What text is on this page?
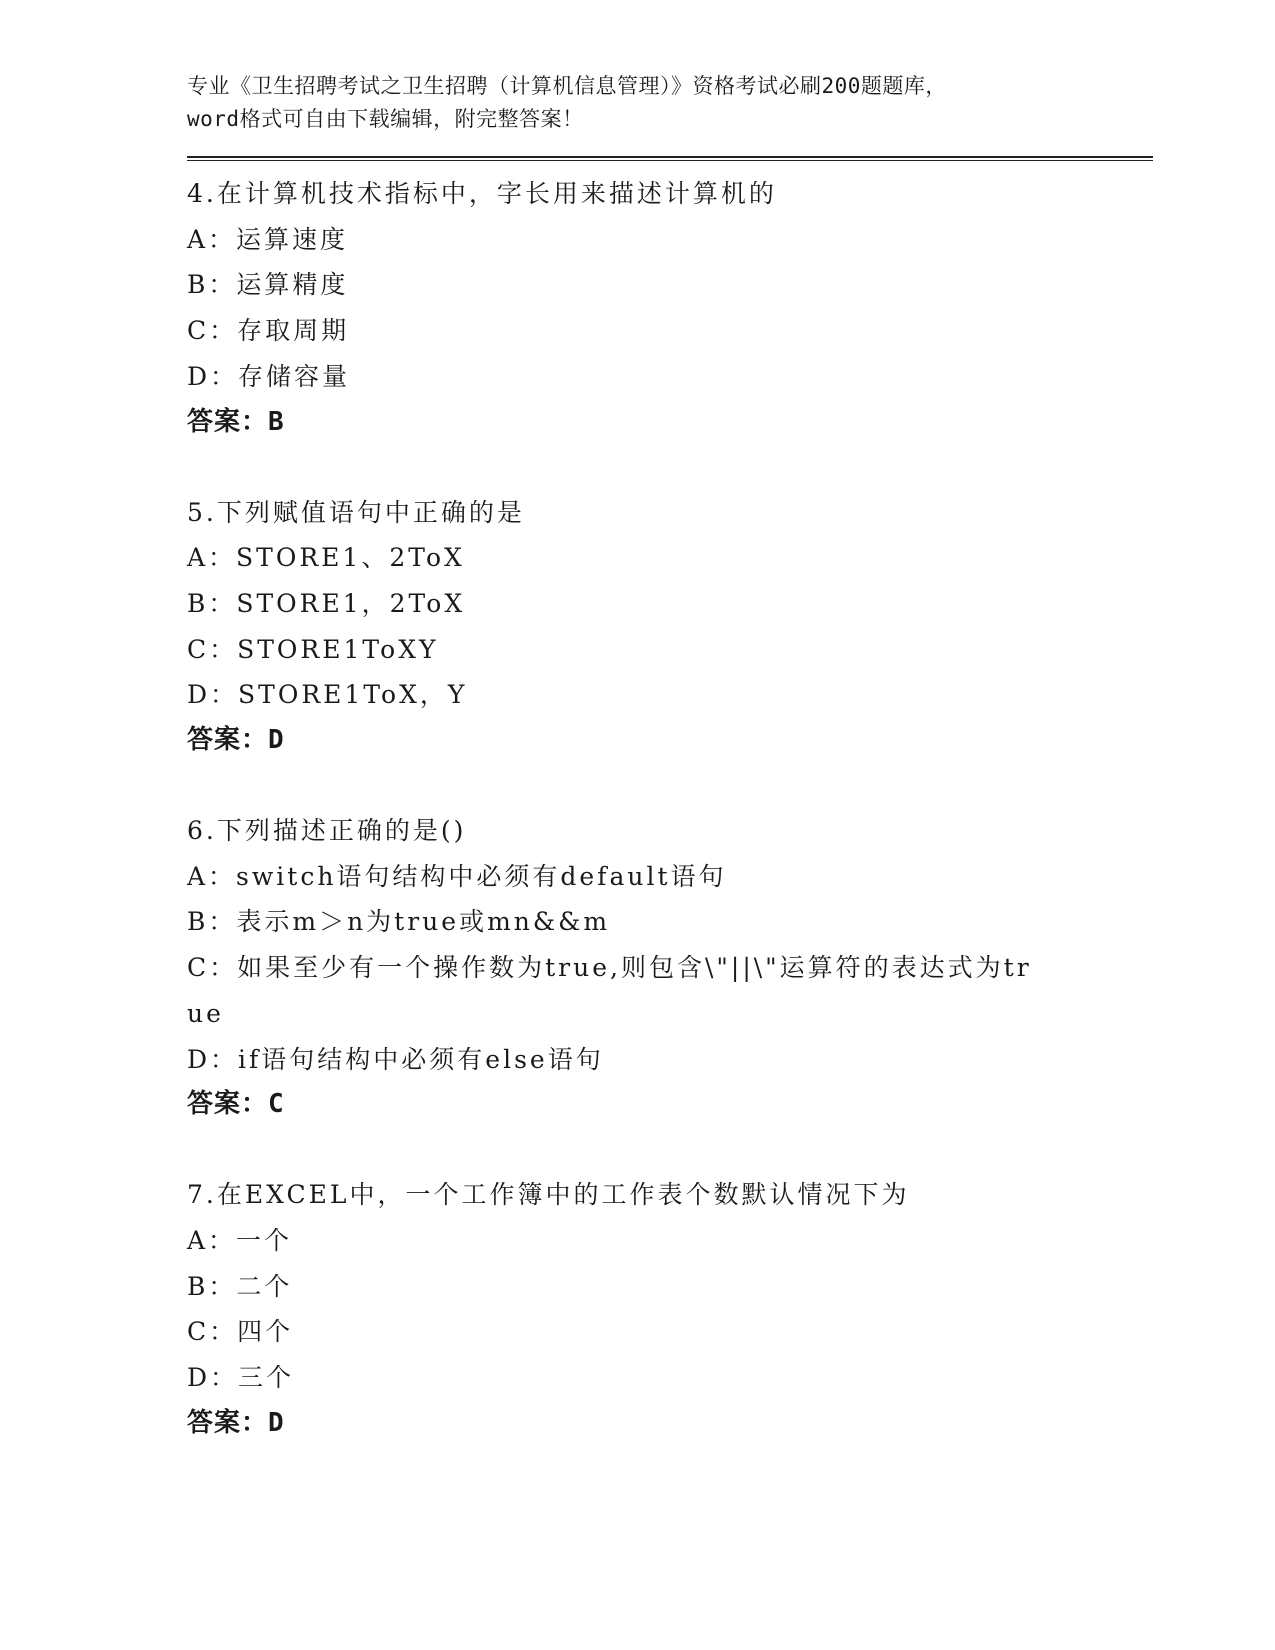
专业《卫生招聘考试之卫生招聘（计算机信息管理）》资格考试必刷200题题库，
word格式可自由下载编辑，附完整答案！
4.在计算机技术指标中，字长用来描述计算机的
A：运算速度
B：运算精度
C：存取周期
D：存储容量
答案：B
5.下列赋值语句中正确的是
A：STORE1、2ToX
B：STORE1，2ToX
C：STORE1ToXY
D：STORE1ToX，Y
答案：D
6.下列描述正确的是()
A：switch语句结构中必须有default语句
B：表示m＞n为true或mn&&m
C：如果至少有一个操作数为true,则包含\"||\"运算符的表达式为true
D：if语句结构中必须有else语句
答案：C
7.在EXCEL中，一个工作簿中的工作表个数默认情况下为
A：一个
B：二个
C：四个
D：三个
答案：D
